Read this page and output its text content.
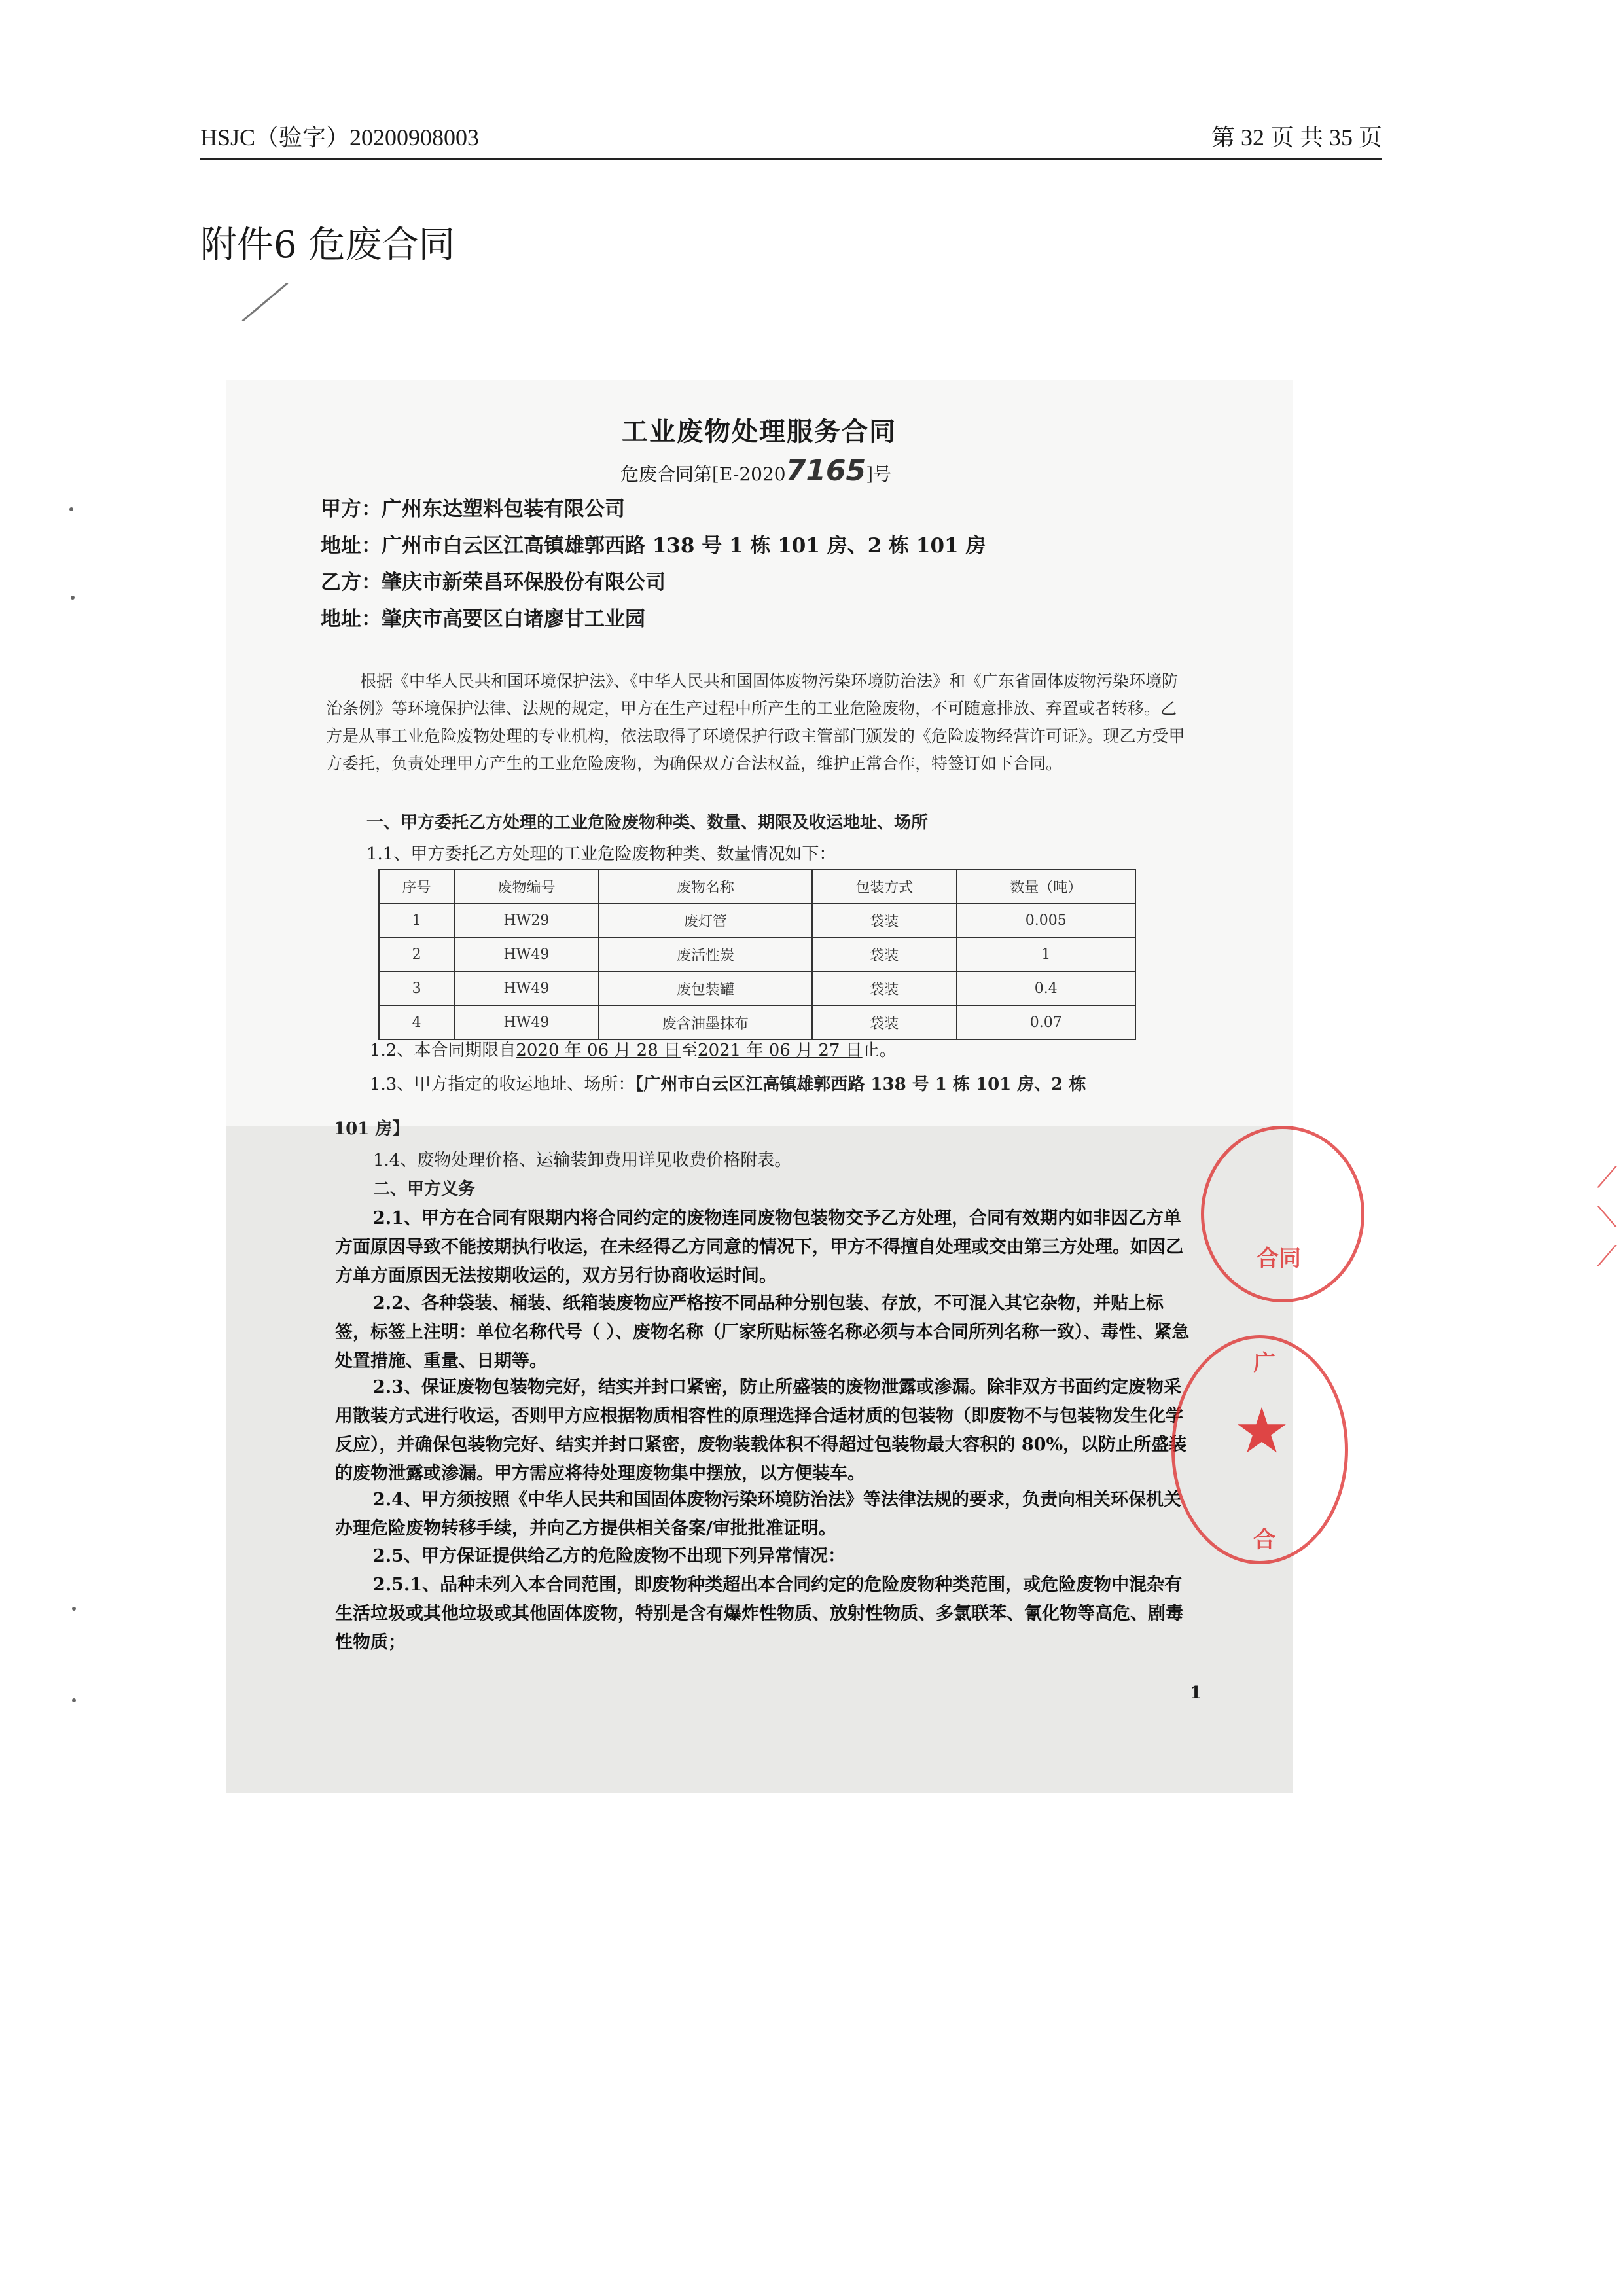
HSJC（验字）20200908003	第 32 页 共 35 页
附件6 危废合同
工业废物处理服务合同
危废合同第[E-20207165]号
甲方：广州东达塑料包装有限公司
地址：广州市白云区江高镇雄郭西路 138 号 1 栋 101 房、2 栋 101 房
乙方：肇庆市新荣昌环保股份有限公司
地址：肇庆市高要区白诸廖甘工业园
根据《中华人民共和国环境保护法》、《中华人民共和国固体废物污染环境防治法》和《广东省固体废物污染环境防治条例》等环境保护法律、法规的规定，甲方在生产过程中所产生的工业危险废物，不可随意排放、弃置或者转移。乙方是从事工业危险废物处理的专业机构，依法取得了环境保护行政主管部门颁发的《危险废物经营许可证》。现乙方受甲方委托，负责处理甲方产生的工业危险废物，为确保双方合法权益，维护正常合作，特签订如下合同。
一、甲方委托乙方处理的工业危险废物种类、数量、期限及收运地址、场所
1.1、甲方委托乙方处理的工业危险废物种类、数量情况如下：
序号	废物编号	废物名称	包装方式	数量（吨）
1	HW29	废灯管	袋装	0.005
2	HW49	废活性炭	袋装	1
3	HW49	废包装罐	袋装	0.4
4	HW49	废含油墨抹布	袋装	0.07
1.2、本合同期限自2020 年 06 月 28 日至2021 年 06 月 27 日止。
1.3、甲方指定的收运地址、场所：【广州市白云区江高镇雄郭西路 138 号 1 栋 101 房、2 栋
101 房】
1.4、废物处理价格、运输装卸费用详见收费价格附表。
二、甲方义务
2.1、甲方在合同有限期内将合同约定的废物连同废物包装物交予乙方处理，合同有效期内如非因乙方单方面原因导致不能按期执行收运，在未经得乙方同意的情况下，甲方不得擅自处理或交由第三方处理。如因乙方单方面原因无法按期收运的，双方另行协商收运时间。
2.2、各种袋装、桶装、纸箱装废物应严格按不同品种分别包装、存放，不可混入其它杂物，并贴上标签，标签上注明：单位名称代号（ ）、废物名称（厂家所贴标签名称必须与本合同所列名称一致）、毒性、紧急处置措施、重量、日期等。
2.3、保证废物包装物完好，结实并封口紧密，防止所盛装的废物泄露或渗漏。除非双方书面约定废物采用散装方式进行收运，否则甲方应根据物质相容性的原理选择合适材质的包装物（即废物不与包装物发生化学反应），并确保包装物完好、结实并封口紧密，废物装载体积不得超过包装物最大容积的 80%，以防止所盛装的废物泄露或渗漏。甲方需应将待处理废物集中摆放，以方便装车。
2.4、甲方须按照《中华人民共和国固体废物污染环境防治法》等法律法规的要求，负责向相关环保机关办理危险废物转移手续，并向乙方提供相关备案/审批批准证明。
2.5、甲方保证提供给乙方的危险废物不出现下列异常情况：
2.5.1、品种未列入本合同范围，即废物种类超出本合同约定的危险废物种类范围，或危险废物中混杂有生活垃圾或其他垃圾或其他固体废物，特别是含有爆炸性物质、放射性物质、多氯联苯、氰化物等高危、剧毒性物质；
1
合同
广
合
★
⟋
⟍
⟋
